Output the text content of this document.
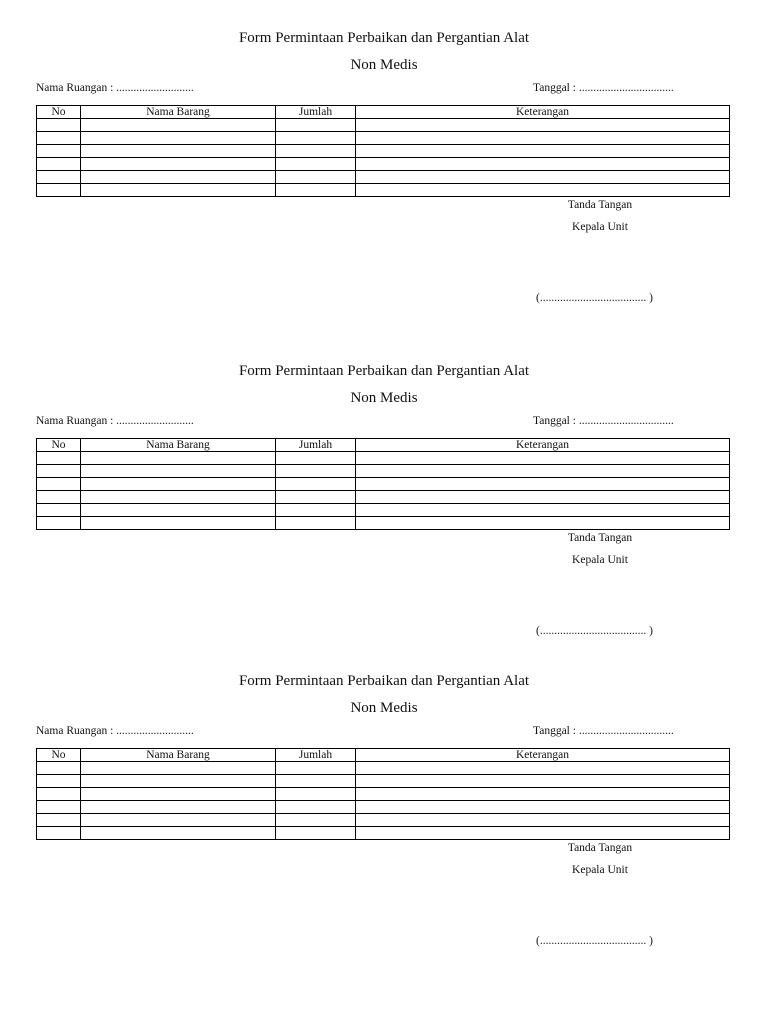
Form Permintaan Perbaikan dan Pergantian Alat
Non Medis
Nama Ruangan : ...........................	Tanggal : .................................
No	Nama Barang	Jumlah	Keterangan

Tanda Tangan
Kepala Unit
(..................................... )
Form Permintaan Perbaikan dan Pergantian Alat
Non Medis
Nama Ruangan : ...........................	Tanggal : .................................
No	Nama Barang	Jumlah	Keterangan

Tanda Tangan
Kepala Unit
(..................................... )
Form Permintaan Perbaikan dan Pergantian Alat
Non Medis
Nama Ruangan : ...........................	Tanggal : .................................
No	Nama Barang	Jumlah	Keterangan

Tanda Tangan
Kepala Unit
(..................................... )
